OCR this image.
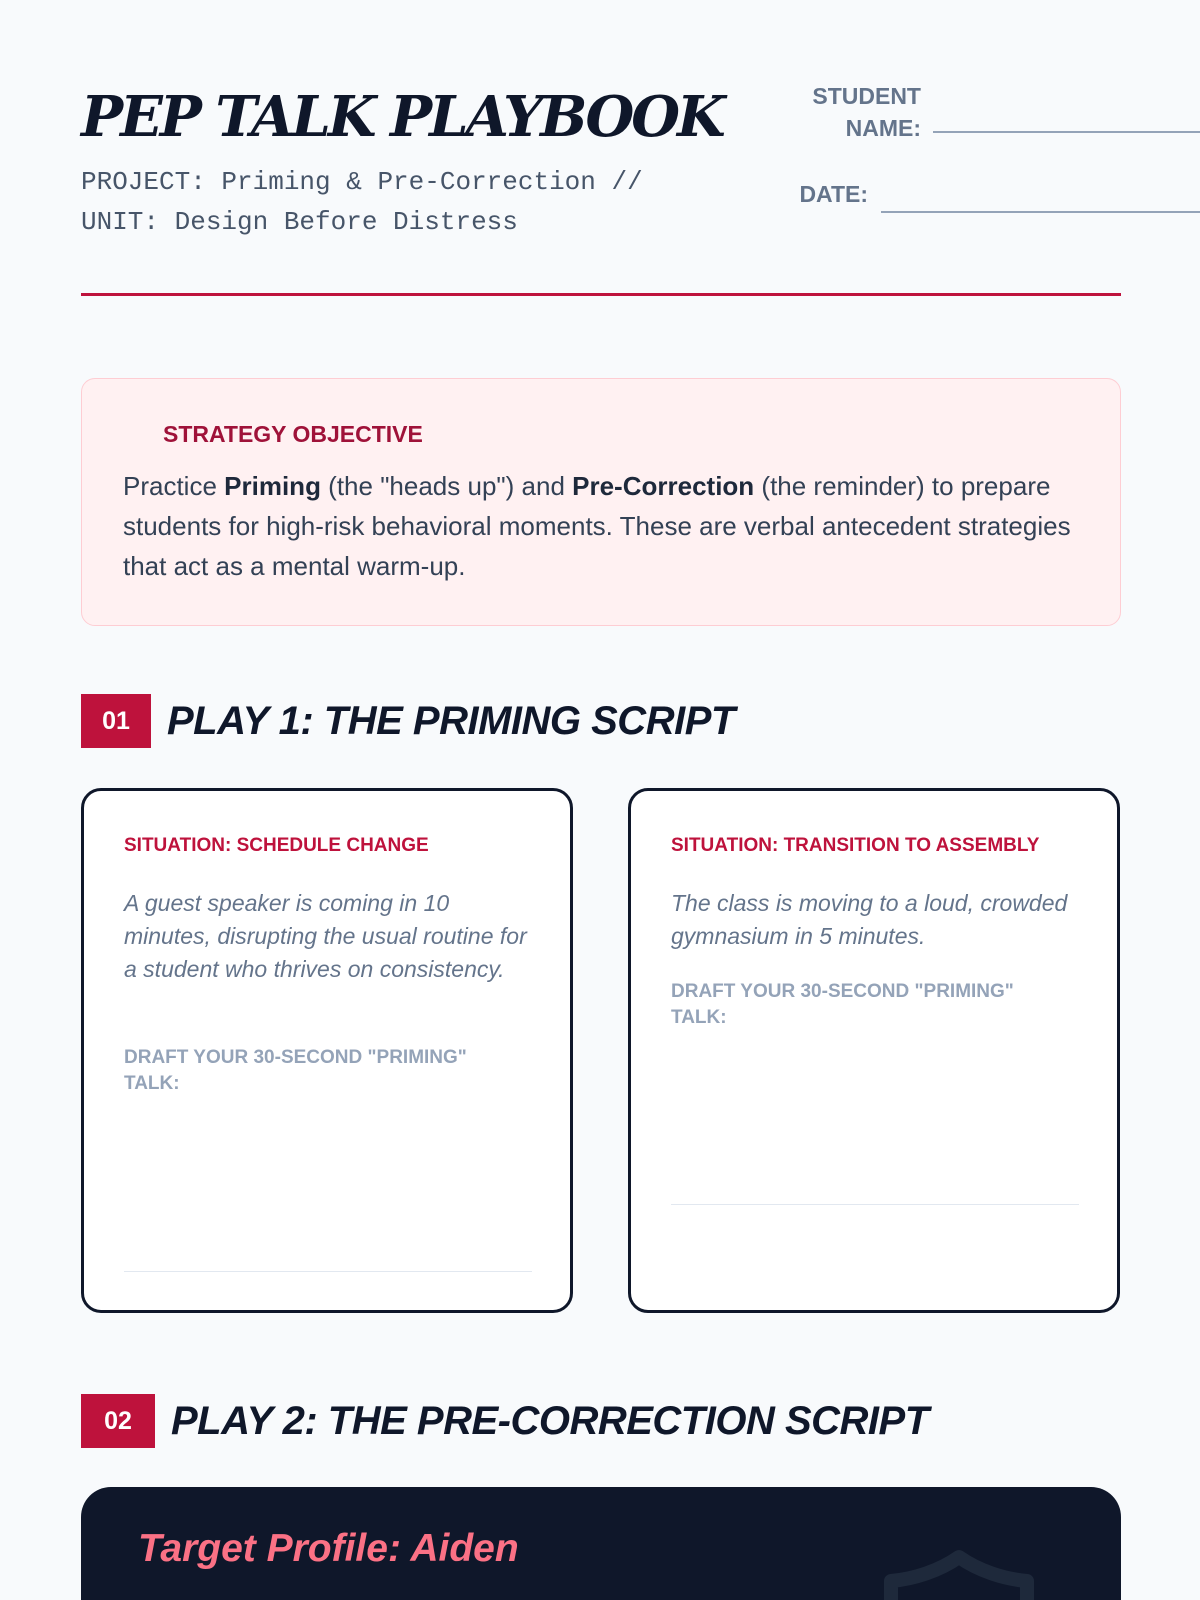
PEP TALK PLAYBOOK
PROJECT: Priming & Pre-Correction // UNIT: Design Before Distress
STUDENT
NAME:
DATE:
STRATEGY OBJECTIVE
Practice Priming (the "heads up") and Pre-Correction (the reminder) to prepare students for high-risk behavioral moments. These are verbal antecedent strategies that act as a mental warm-up.
01 PLAY 1: THE PRIMING SCRIPT
SITUATION: SCHEDULE CHANGE
A guest speaker is coming in 10 minutes, disrupting the usual routine for a student who thrives on consistency.
DRAFT YOUR 30-SECOND "PRIMING" TALK:
SITUATION: TRANSITION TO ASSEMBLY
The class is moving to a loud, crowded gymnasium in 5 minutes.
DRAFT YOUR 30-SECOND "PRIMING" TALK:
02 PLAY 2: THE PRE-CORRECTION SCRIPT
Target Profile: Aiden
